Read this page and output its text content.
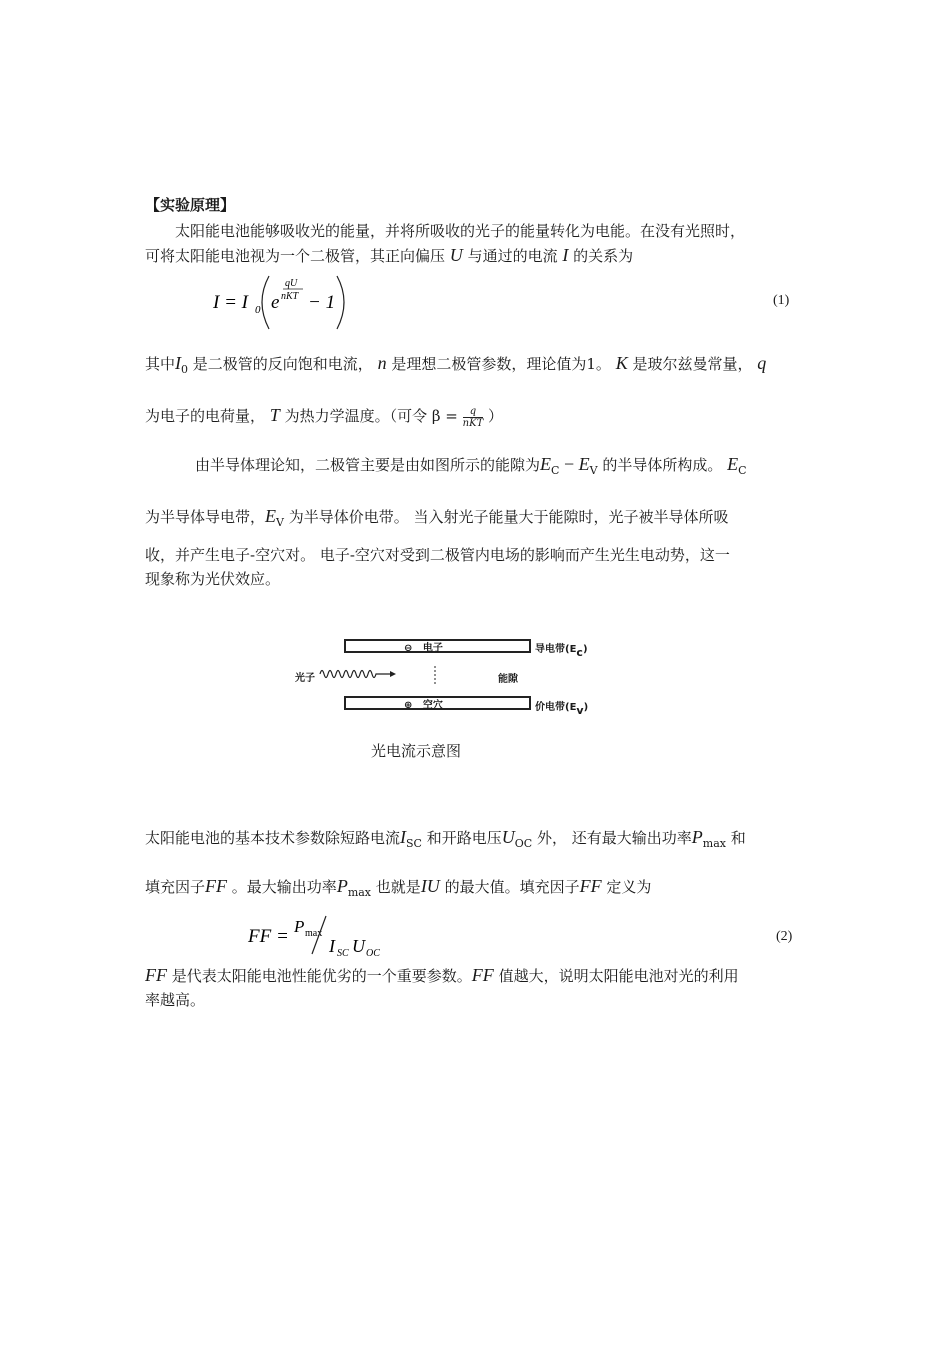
【实验原理】
太阳能电池能够吸收光的能量，并将所吸收的光子的能量转化为电能。在没有光照时，
可将太阳能电池视为一个二极管，其正向偏压 U 与通过的电流 I 的关系为
I = I 0 e
qU
nKT − 1	(1)
其中$I_0$ 是二极管的反向饱和电流， n 是理想二极管参数，理论值为1。 K 是玻尔兹曼常量， q
为电子的电荷量， T 为热力学温度。（可令 $\beta = \frac{q}{\text{nKT}}$ ）
由半导体理论知，二极管主要是由如图所示的能隙为$E_C - E_V$ 的半导体所构成。 $E_C$
为半导体导电带，$E_V$ 为半导体价电带。 当入射光子能量大于能隙时，光子被半导体所吸
收，并产生电子-空穴对。 电子-空穴对受到二极管内电场的影响而产生光生电动势，这一
现象称为光伏效应。
⊖ 电子	导电带$(E_c)$
光子	能隙
⊕ 空穴	价电带$(E_v)$
光电流示意图
太阳能电池的基本技术参数除短路电流$I_{SC}$ 和开路电压$U_{OC}$ 外， 还有最大输出功率$P_{max}$ 和
填充因子FF 。最大输出功率$P_{max}$ 也就是IU 的最大值。填充因子FF 定义为
FF = P max
I SC U OC
(2)
FF 是代表太阳能电池性能优劣的一个重要参数。FF 值越大，说明太阳能电池对光的利用
率越高。
